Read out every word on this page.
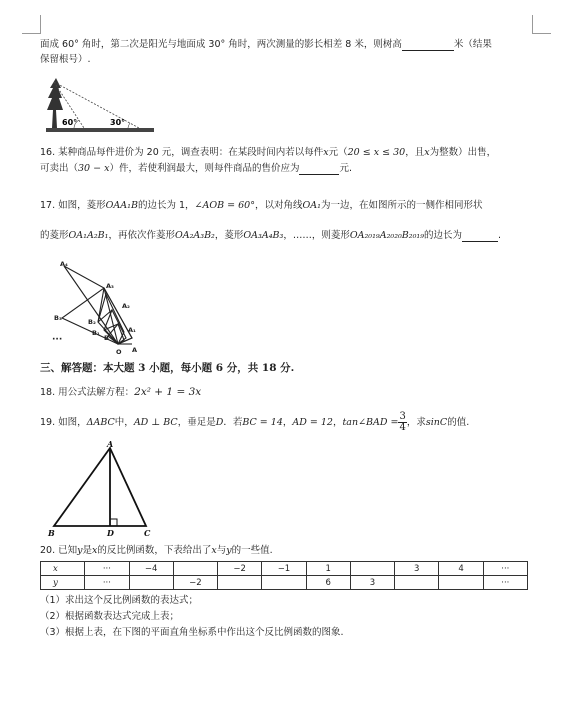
面成 60° 角时，第二次是阳光与地面成 30° 角时，两次测量的影长相差 8 米，则树高	米（结果
保留根号）.
60°	30°
16. 某种商品每件进价为 20 元，调查表明：在某段时间内若以每件x元（20 ≤ x ≤ 30，且x为整数）出售，
可卖出（30 − x）件，若使利润最大，则每件商品的售价应为	元.
17. 如图，菱形OAA₁B的边长为 1，∠AOB = 60°，以对角线OA₁为一边，在如图所示的一侧作相同形状
的菱形OA₁A₂B₁，再依次作菱形OA₂A₃B₂，菱形OA₃A₄B₃，……，则菱形OA₂₀₁₉A₂₀₂₀B₂₀₁₉的边长为	.
A₄
A₃
A₂
B₃	B₂
B₁
B
O A
A₁
···
三、解答题：本大题 3 小题，每小题 6 分，共 18 分.
18. 用公式法解方程：2x² + 1 = 3x
19. 如图，ΔABC中，AD ⊥ BC，垂足是D．若BC = 14，AD = 12，tan∠BAD = $\frac{3}{4}$ ，求sinC的值.
A
B	D	C
20. 已知y是x的反比例函数，下表给出了x与y的一些值.
x	···	−4		−2	−1	1		3	4	···
y	···		−2			6	3			···
（1）求出这个反比例函数的表达式；
（2）根据函数表达式完成上表；
（3）根据上表，在下图的平面直角坐标系中作出这个反比例函数的图象.
